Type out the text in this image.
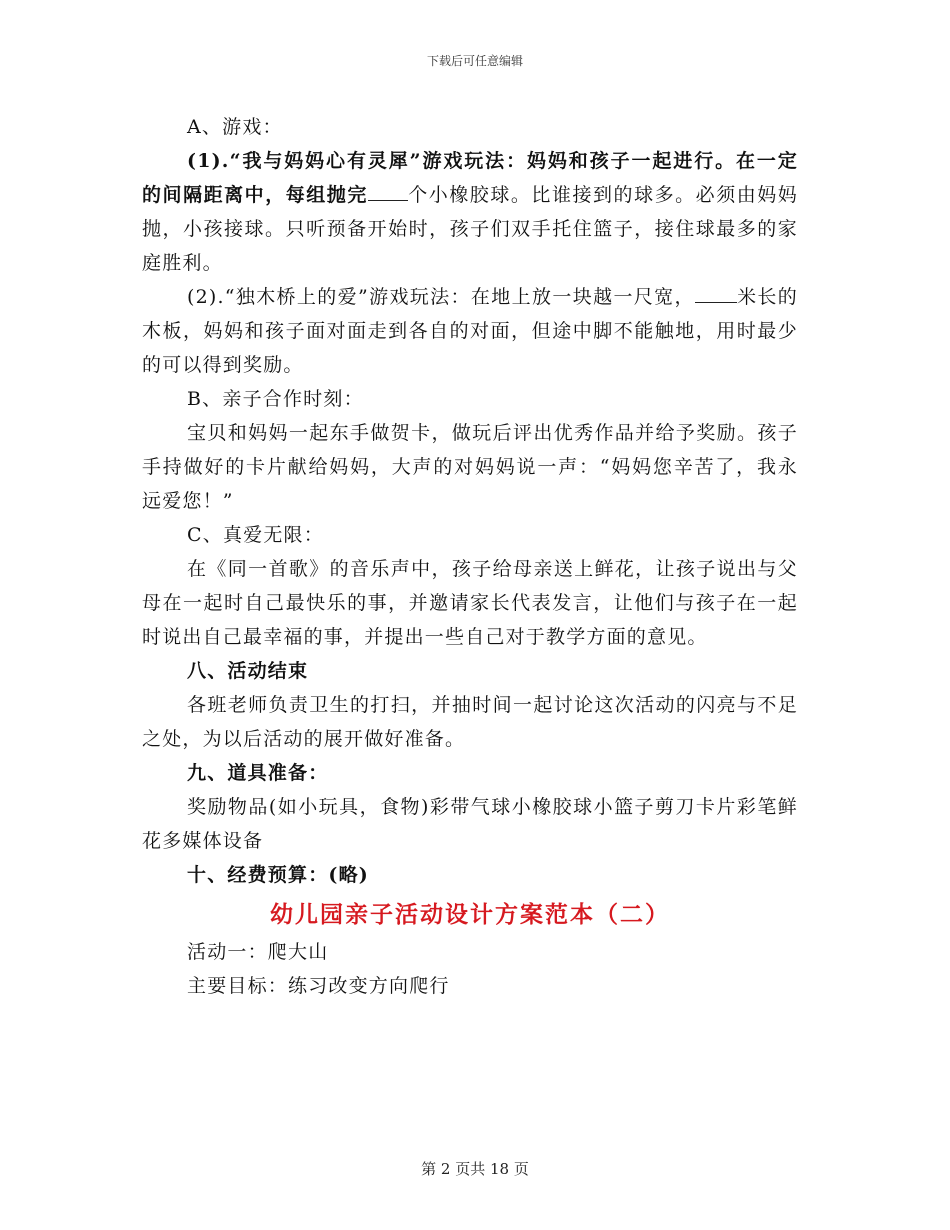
下载后可任意编辑

A、游戏：

(1).“我与妈妈心有灵犀”游戏玩法：妈妈和孩子一起进行。在一定的间隔距离中，每组抛完 个小橡胶球。比谁接到的球多。必须由妈妈抛，小孩接球。只听预备开始时，孩子们双手托住篮子，接住球最多的家庭胜利。

(2).“独木桥上的爱”游戏玩法：在地上放一块越一尺宽， 米长的木板，妈妈和孩子面对面走到各自的对面，但途中脚不能触地，用时最少的可以得到奖励。

B、亲子合作时刻：

宝贝和妈妈一起东手做贺卡，做玩后评出优秀作品并给予奖励。孩子手持做好的卡片献给妈妈，大声的对妈妈说一声：“妈妈您辛苦了，我永远爱您！”

C、真爱无限：

在《同一首歌》的音乐声中，孩子给母亲送上鲜花，让孩子说出与父母在一起时自己最快乐的事，并邀请家长代表发言，让他们与孩子在一起时说出自己最幸福的事，并提出一些自己对于教学方面的意见。

八、活动结束

各班老师负责卫生的打扫，并抽时间一起讨论这次活动的闪亮与不足之处，为以后活动的展开做好准备。

九、道具准备：

奖励物品(如小玩具，食物)彩带气球小橡胶球小篮子剪刀卡片彩笔鲜花多媒体设备

十、经费预算：(略)

幼儿园亲子活动设计方案范本（二）

活动一：爬大山

主要目标：练习改变方向爬行

第 2 页共 18 页
